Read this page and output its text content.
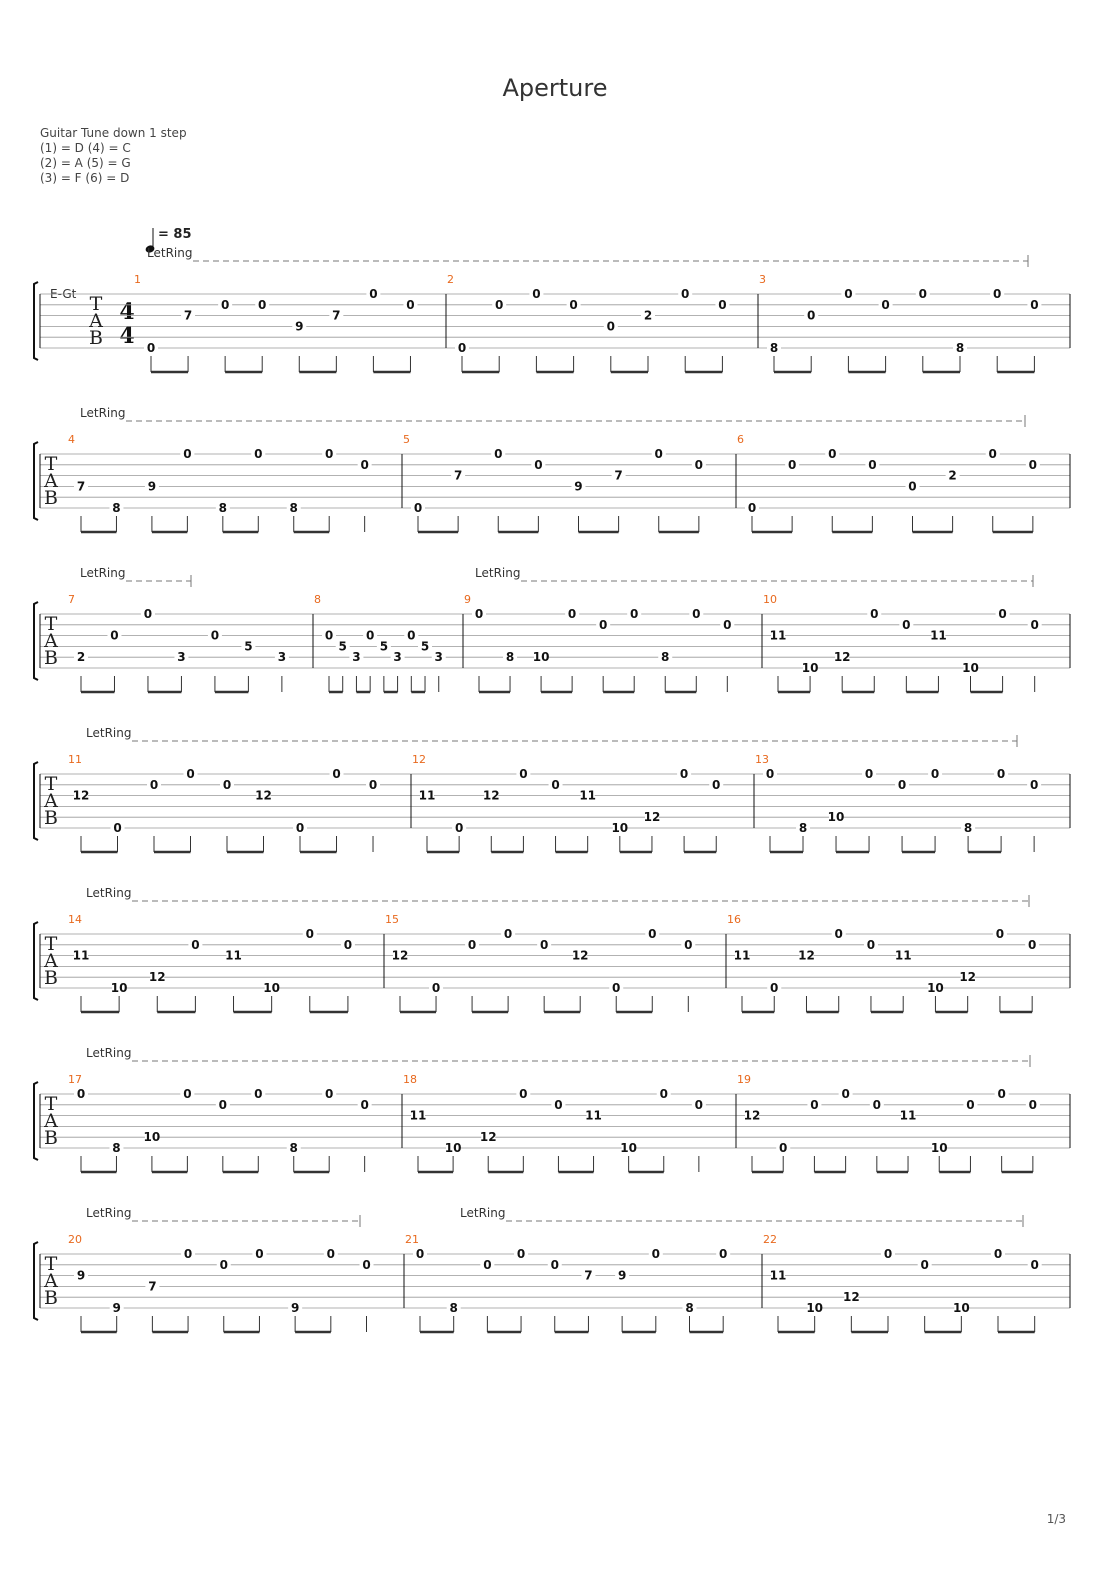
Aperture
Guitar Tune down 1 step
(1) = D (4) = C
(2) = A (5) = G
(3) = F (6) = D
= 85
E-Gt
4
4
T
A
B
LetRing
1
0
7
0 0
9
7
0
0
2
0
0
0
0
0
2
0
0
3
8
0
0
0
0
8
0
0
T
A
B
LetRing
4
7
8
9
0
8
0
8
0
0
5
0
7
0
0
9
7
0
0
6
0
0
0
0
0
2
0
0
T
A
B
LetRing	LetRing
7
2
0
0
3
0
5
3
8
0
5
3
0
5
3
0
5
3
9
0
8 10
0
0
0
8
0
0
10
11
10
12
0
0
11
10
0
0
T
A
B
LetRing
11
12
0
0
0
0
12
0
0
0
12
11
0
12
0
0
11
10
12
0
0
13
0
8
10
0
0
0
8
0
0
T
A
B
LetRing
14
11
10
12
0
11
10
0
0
15
12
0
0
0
0
12
0
0
0
16
11
0
12
0
0
11
10
12
0
0
T
A
B
LetRing
17
0
8
10
0
0
0
8
0
0
18
11
10
12
0
0
11
10
0
0
19
12
0
0
0
0
11
10
0
0
0
T
A
B
LetRing	LetRing
20
9
9
7
0
0
0
9
0
0
21
0
8
0
0
0
7 9
0
8
0
22
11
10
12
0
0
10
0
0
1/3
